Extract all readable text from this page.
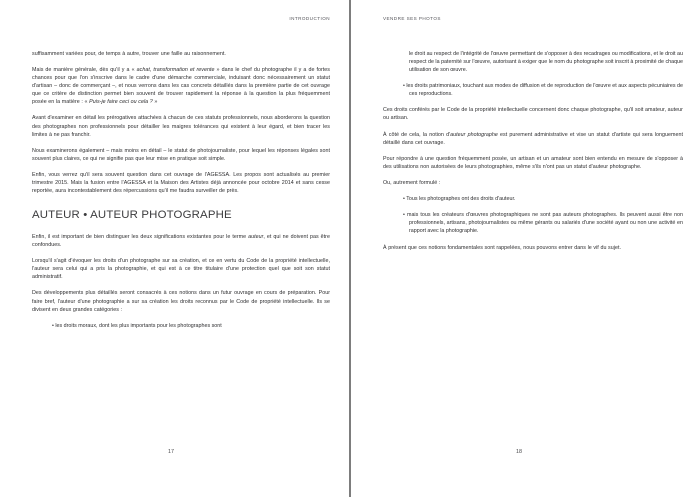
INTRODUCTION

suffisamment variées pour, de temps à autre, trouver une faille au raisonnement.

Mais de manière générale, dès qu'il y a « achat, transformation et revente » dans le chef du photographe il y a de fortes chances pour que l'on s'inscrive dans le cadre d'une démarche commerciale, induisant donc nécessairement un statut d'artisan – donc de commerçant –, et nous verrons dans les cas concrets détaillés dans la première partie de cet ouvrage que ce critère de distinction permet bien souvent de trouver rapidement la réponse à la question la plus fréquemment posée en la matière : « Puis-je faire ceci ou cela ? »

Avant d'examiner en détail les prérogatives attachées à chacun de ces statuts professionnels, nous aborderons la question des photographes non professionnels pour détailler les maigres tolérances qui existent à leur égard, et bien tracer les limites à ne pas franchir.

Nous examinerons également – mais moins en détail – le statut de photojournaliste, pour lequel les réponses légales sont souvent plus claires, ce qui ne signifie pas que leur mise en pratique soit simple.

Enfin, vous verrez qu'il sera souvent question dans cet ouvrage de l'AGESSA. Les propos sont actualisés au premier trimestre 2015. Mais la fusion entre l'AGESSA et la Maison des Artistes déjà annoncée pour octobre 2014 et sans cesse reportée, aura incontestablement des répercussions qu'il me faudra surveiller de près.

AUTEUR • AUTEUR PHOTOGRAPHE

Enfin, il est important de bien distinguer les deux significations existantes pour le terme auteur, et qui ne doivent pas être confondues.

Lorsqu'il s'agit d'évoquer les droits d'un photographe sur sa création, et ce en vertu du Code de la propriété intellectuelle, l'auteur sera celui qui a pris la photographie, et qui est à ce titre titulaire d'une protection quel que soit son statut administratif.

Des développements plus détaillés seront consacrés à ces notions dans un futur ouvrage en cours de préparation. Pour faire bref, l'auteur d'une photographie a sur sa création les droits reconnus par le Code de propriété intellectuelle. Ils se divisent en deux grandes catégories :

• les droits moraux, dont les plus importants pour les photographes sont

17
VENDRE SES PHOTOS

le droit au respect de l'intégrité de l'œuvre permettant de s'opposer à des recadrages ou modifications, et le droit au respect de la paternité sur l'œuvre, autorisant à exiger que le nom du photographe soit inscrit à proximité de chaque utilisation de son œuvre.

• les droits patrimoniaux, touchant aux modes de diffusion et de reproduction de l'œuvre et aux aspects pécuniaires de ces reproductions.

Ces droits conférés par le Code de la propriété intellectuelle concernent donc chaque photographe, qu'il soit amateur, auteur ou artisan.

À côté de cela, la notion d'auteur photographe est purement administrative et vise un statut d'artiste qui sera longuement détaillé dans cet ouvrage.

Pour répondre à une question fréquemment posée, un artisan et un amateur sont bien entendu en mesure de s'opposer à des utilisations non autorisées de leurs photographies, même s'ils n'ont pas un statut d'auteur photographe.

Ou, autrement formulé :

• Tous les photographes ont des droits d'auteur.

• mais tous les créateurs d'œuvres photographiques ne sont pas auteurs photographes. Ils peuvent aussi être non professionnels, artisans, photojournalistes ou même gérants ou salariés d'une société ayant ou non une activité en rapport avec la photographie.

À présent que ces notions fondamentales sont rappelées, nous pouvons entrer dans le vif du sujet.

18
